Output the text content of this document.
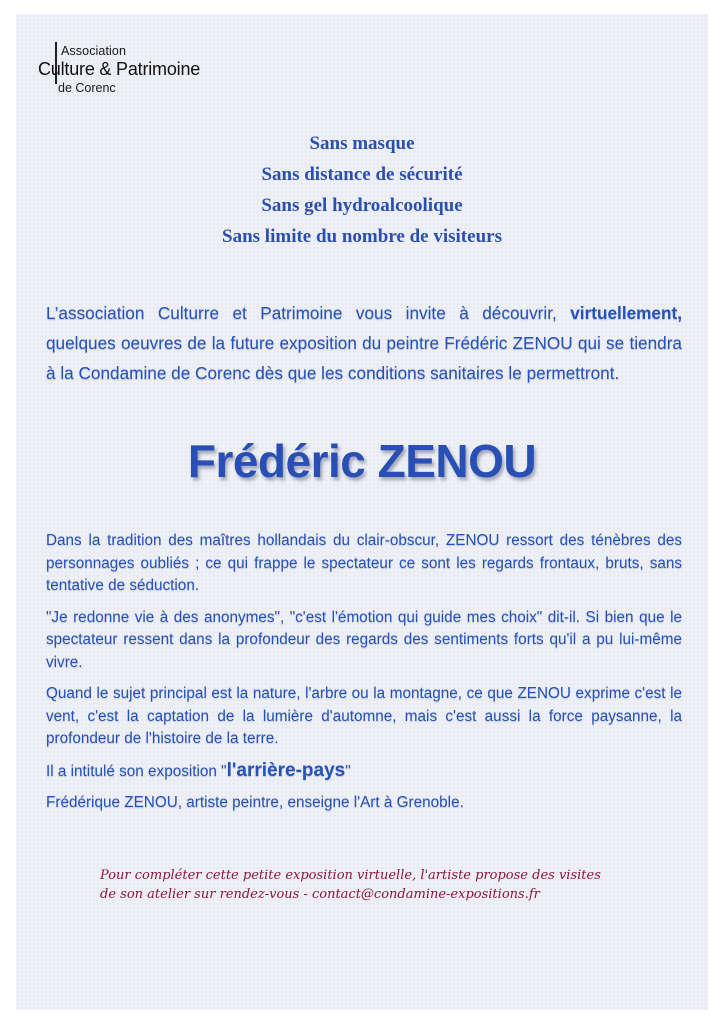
Association
Culture & Patrimoine
de Corenc
Sans masque
Sans distance de sécurité
Sans gel hydroalcoolique
Sans limite du nombre de visiteurs
L’association Culturre et Patrimoine vous invite à découvrir, virtuellement, quelques oeuvres de la future exposition du peintre Frédéric ZENOU qui se tiendra à la Condamine de Corenc dès que les conditions sanitaires le permettront.
Frédéric ZENOU

Dans la tradition des maîtres hollandais du clair-obscur, ZENOU ressort des ténèbres des personnages oubliés ; ce qui frappe le spectateur ce sont les regards frontaux, bruts, sans tentative de séduction.

"Je redonne vie à des anonymes", "c'est l'émotion qui guide mes choix" dit-il. Si bien que le spectateur ressent dans la profondeur des regards des sentiments forts qu'il a pu lui-même vivre.

Quand le sujet principal est la nature, l'arbre ou la montagne, ce que ZENOU exprime c'est le vent, c'est la captation de la lumière d'automne, mais c'est aussi la force paysanne, la profondeur de l'histoire de la terre.

Il a intitulé son exposition "l'arrière-pays"

Frédérique ZENOU, artiste peintre, enseigne l'Art à Grenoble.

Pour compléter cette petite exposition virtuelle, l'artiste propose des visites
de son atelier sur rendez-vous - contact@condamine-expositions.fr
